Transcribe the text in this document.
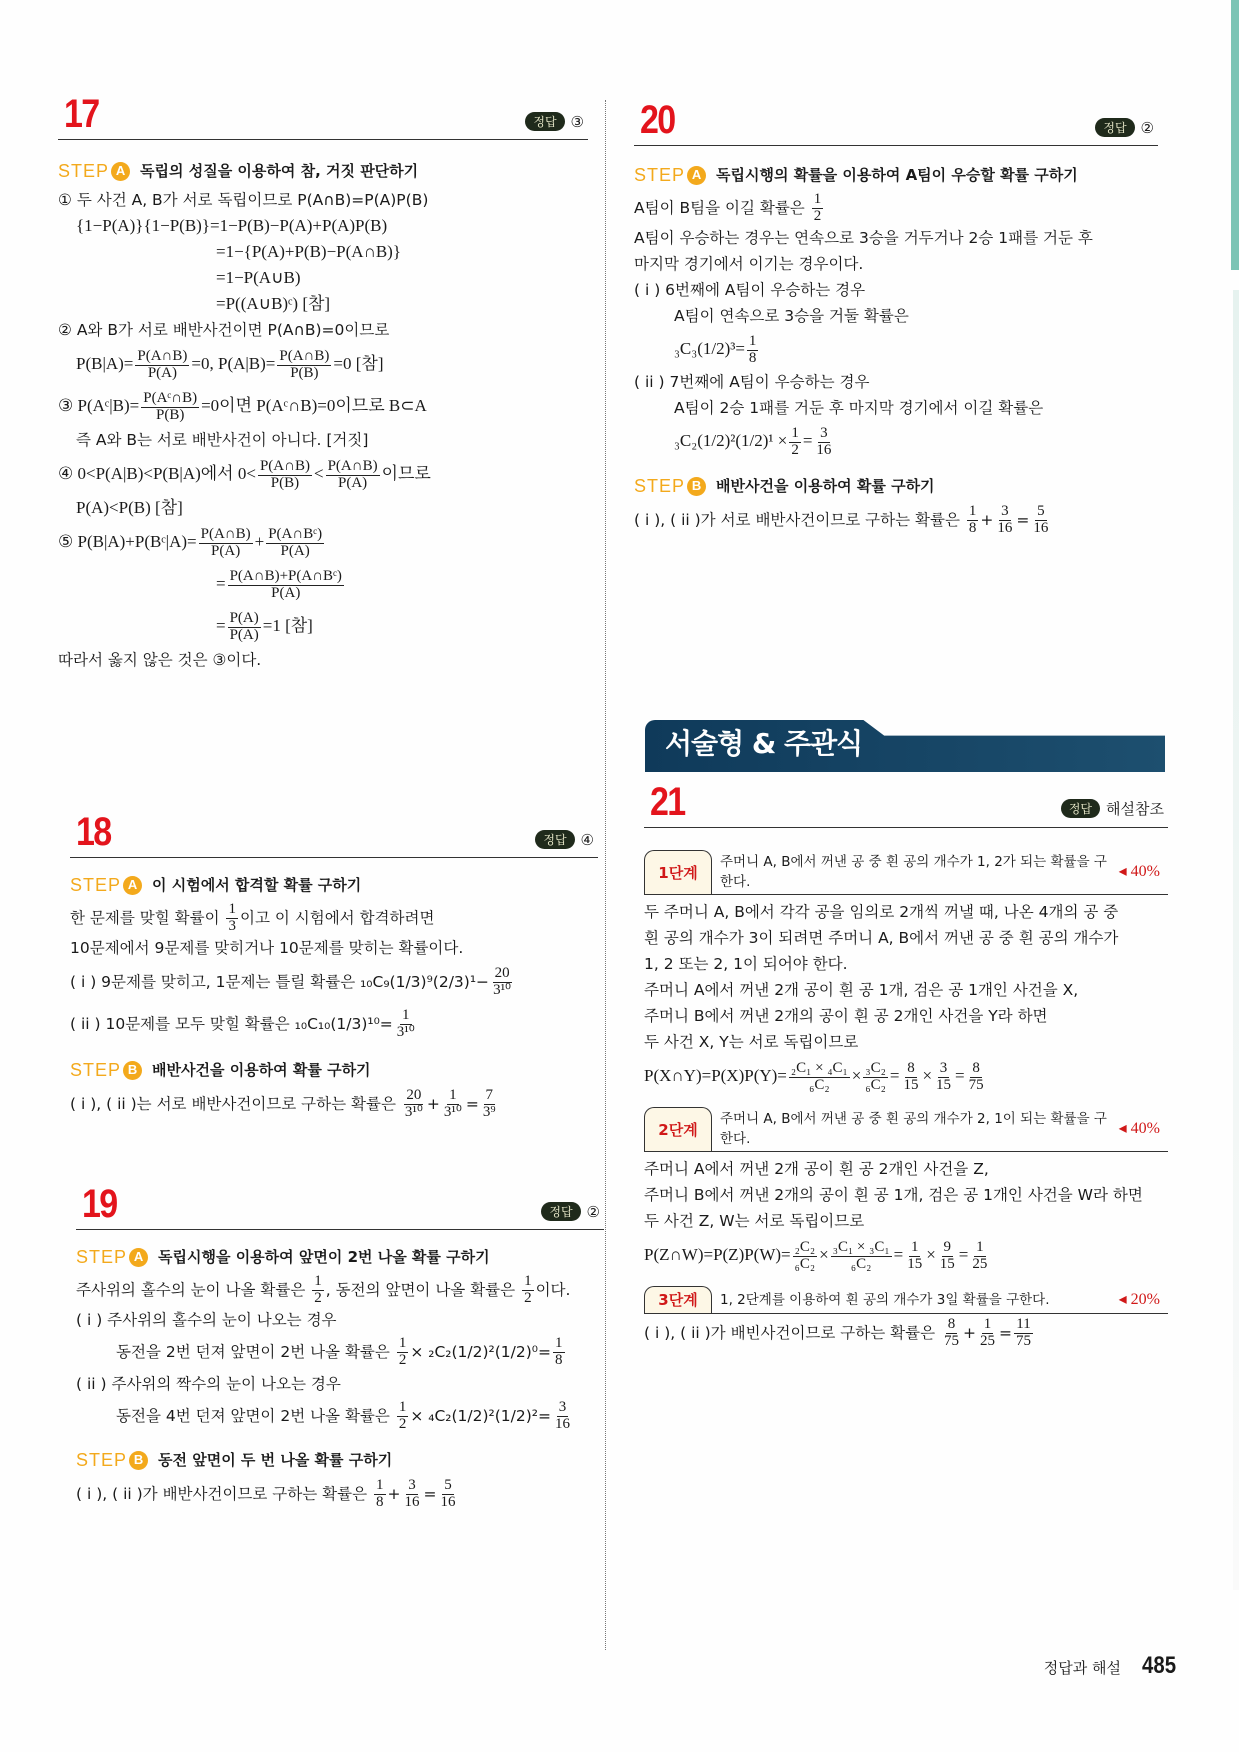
17	정답 ③
STEP A 독립의 성질을 이용하여 참, 거짓 판단하기
① 두 사건 A, B가 서로 독립이므로 P(A∩B)=P(A)P(B)
{1−P(A)}{1−P(B)}=1−P(B)−P(A)+P(A)P(B)
=1−{P(A)+P(B)−P(A∩B)}
=1−P(A∪B)
=P((A∪B)ᶜ) [참]
② A와 B가 서로 배반사건이면 P(A∩B)=0이므로
$P(B|A)= \frac{P(A\cap B)}{P(A)} =0$, $P(A|B)= \frac{P(A\cap B)}{P(B)} =0$ [참]
③ P(Aᶜ|B)= $\frac{\text{P(Aᶜ∩B)}}{P(B)} =0$이면 P(Aᶜ∩B)=0이므로 B⊂A
즉 A와 B는 서로 배반사건이 아니다. [거짓]
④ 0<P(A|B)<P(B|A)에서 $0< \frac{P(A\cap B)}{P(B)} < \frac{P(A\cap B)}{P(A)}$ 이므로
P(A)<P(B) [참]
⑤ P(B|A)+P(Bᶜ|A)= $\frac{P(A\cap B)}{P(A)} + \frac{\text{P(A∩Bᶜ)}}{P(A)}$
= $\frac{\text{P(A∩B)+P(A∩Bᶜ)}}{P(A)}$
= $\frac{P(A)}{P(A)} =1$ [참]
따라서 옳지 않은 것은 ③이다.
18	정답 ④
STEP A 이 시험에서 합격할 확률 구하기
한 문제를 맞힐 확률이 $\frac{1}{3}$ 이고 이 시험에서 합격하려면
10문제에서 9문제를 맞히거나 10문제를 맞히는 확률이다.
( i ) 9문제를 맞히고, 1문제는 틀릴 확률은 $_{10}C_9(1/3)^9(2/3)^1- \frac{20}{\text{3¹⁰}}$
( ii ) 10문제를 모두 맞힐 확률은 $_{10}C_{10}(1/3)^{10}= \frac{1}{\text{3¹⁰}}$
STEP B 배반사건을 이용하여 확률 구하기
( i ), ( ii )는 서로 배반사건이므로 구하는 확률은 $\frac{20}{\text{3¹⁰}} + \frac{1}{\text{3¹⁰}} = \frac{7}{\text{3⁹}}$
19	정답 ②
STEP A 독립시행을 이용하여 앞면이 2번 나올 확률 구하기
주사위의 홀수의 눈이 나올 확률은 $\frac{1}{2}$ , 동전의 앞면이 나올 확률은 $\frac{1}{2}$ 이다.
( i ) 주사위의 홀수의 눈이 나오는 경우
동전을 2번 던져 앞면이 2번 나올 확률은 $\frac{1}{2} \times _2C_2(1/2)^2(1/2)^0= \frac{1}{8}$
( ii ) 주사위의 짝수의 눈이 나오는 경우
동전을 4번 던져 앞면이 2번 나올 확률은 $\frac{1}{2} \times _4C_2(1/2)^2(1/2)^2= \frac{3}{16}$
STEP B 동전 앞면이 두 번 나올 확률 구하기
( i ), ( ii )가 배반사건이므로 구하는 확률은 $\frac{1}{8} + \frac{3}{16} = \frac{5}{16}$
20	정답 ②
STEP A 독립시행의 확률을 이용하여 A팀이 우승할 확률 구하기
A팀이 B팀을 이길 확률은 $\frac{1}{2}$
A팀이 우승하는 경우는 연속으로 3승을 거두거나 2승 1패를 거둔 후
마지막 경기에서 이기는 경우이다.
( i ) 6번째에 A팀이 우승하는 경우
A팀이 연속으로 3승을 거둘 확률은
$_3C_3(1/2)^3= \frac{1}{8}$
( ii ) 7번째에 A팀이 우승하는 경우
A팀이 2승 1패를 거둔 후 마지막 경기에서 이길 확률은
$_3C_2(1/2)^2(1/2)^1 \times \frac{1}{2} = \frac{3}{16}$
STEP B 배반사건을 이용하여 확률 구하기
( i ), ( ii )가 서로 배반사건이므로 구하는 확률은 $\frac{1}{8} + \frac{3}{16} = \frac{5}{16}$
서술형 & 주관식
21	정답 해설참조
1단계
주머니 A, B에서 꺼낸 공 중 흰 공의 개수가 1, 2가 되는 확률을 구한다.
◂ 40%
두 주머니 A, B에서 각각 공을 임의로 2개씩 꺼낼 때, 나온 4개의 공 중
흰 공의 개수가 3이 되려면 주머니 A, B에서 꺼낸 공 중 흰 공의 개수가
1, 2 또는 2, 1이 되어야 한다.
주머니 A에서 꺼낸 2개 공이 흰 공 1개, 검은 공 1개인 사건을 X,
주머니 B에서 꺼낸 2개의 공이 흰 공 2개인 사건을 Y라 하면
두 사건 X, Y는 서로 독립이므로
P(X∩Y)=P(X)P(Y)= $\frac{\text{₂C₁ × ₄C₁}}{\text{₆C₂}} \times \frac{\text{₃C₂}}{\text{₆C₂}} = \frac{8}{15} \times \frac{3}{15} = \frac{8}{75}$
2단계
주머니 A, B에서 꺼낸 공 중 흰 공의 개수가 2, 1이 되는 확률을 구한다.
◂ 40%
주머니 A에서 꺼낸 2개 공이 흰 공 2개인 사건을 Z,
주머니 B에서 꺼낸 2개의 공이 흰 공 1개, 검은 공 1개인 사건을 W라 하면
두 사건 Z, W는 서로 독립이므로
P(Z∩W)=P(Z)P(W)= $\frac{\text{₂C₂}}{\text{₆C₂}} \times \frac{\text{₃C₁ × ₃C₁}}{\text{₆C₂}} = \frac{1}{15} \times \frac{9}{15} = \frac{1}{25}$
3단계	1, 2단계를 이용하여 흰 공의 개수가 3일 확률을 구한다.	◂ 20%
( i ), ( ii )가 배빈사건이므로 구하는 확률은 $\frac{8}{75} + \frac{1}{25} = \frac{11}{75}$
정답과 해설 485
